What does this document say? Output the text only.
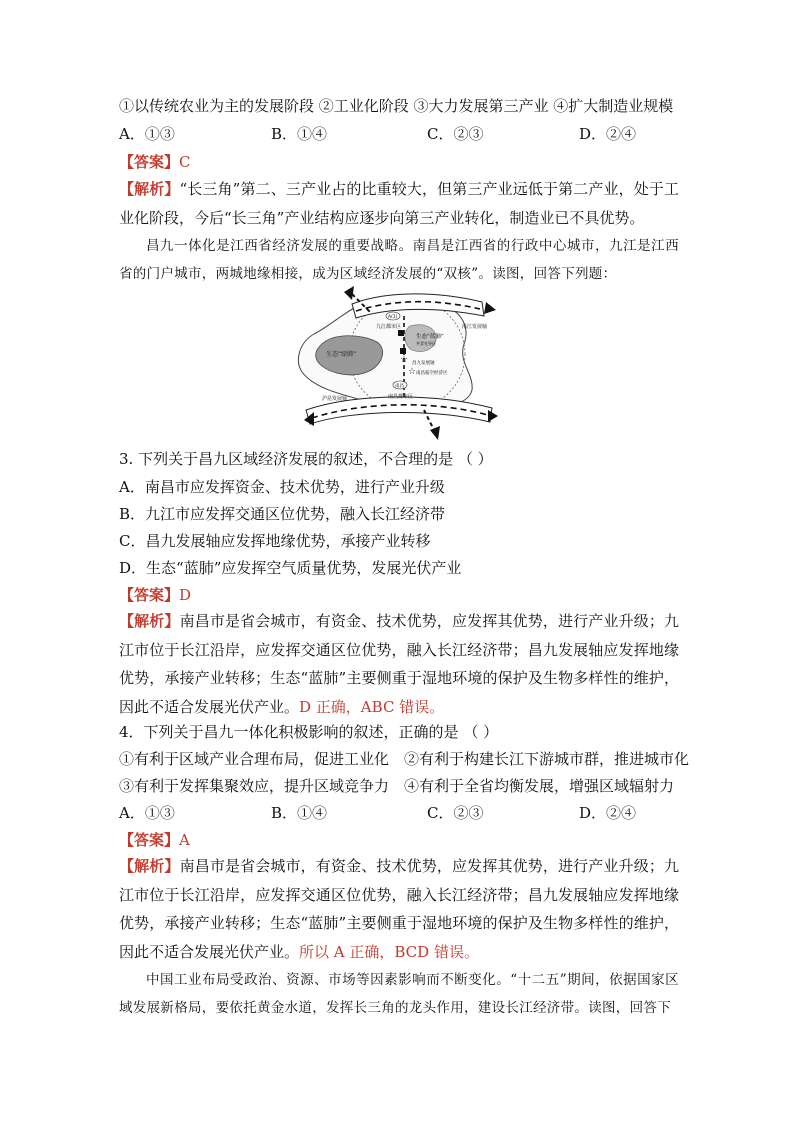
①以传统农业为主的发展阶段 ②工业化阶段 ③大力发展第三产业 ④扩大制造业规模
A．①③	B．①④	C．②③	D．②④
【答案】C
【解析】“长三角”第二、三产业占的比重较大，但第三产业远低于第二产业，处于工业化阶段，今后“长三角”产业结构应逐步向第三产业转化，制造业已不具优势。
昌九一体化是江西省经济发展的重要战略。南昌是江西省的行政中心城市，九江是江西省的门户城市，两城地缘相接，成为区域经济发展的“双核”。读图，回答下列题：
☆
☆
A(1)
沿江发展轴
九江都市区
生态“蓝肺”
共青先导区
生态“绿肺”
昌九发展轴
南昌临空经济区
南昌
沪昆发展轴	南昌都市区
3. 下列关于昌九区域经济发展的叙述，不合理的是 （ ）
A．南昌市应发挥资金、技术优势，进行产业升级
B．九江市应发挥交通区位优势，融入长江经济带
C．昌九发展轴应发挥地缘优势，承接产业转移
D．生态“蓝肺”应发挥空气质量优势，发展光伏产业
【答案】D
【解析】南昌市是省会城市，有资金、技术优势，应发挥其优势，进行产业升级；九江市位于长江沿岸，应发挥交通区位优势，融入长江经济带；昌九发展轴应发挥地缘优势，承接产业转移；生态“蓝肺”主要侧重于湿地环境的保护及生物多样性的维护，因此不适合发展光伏产业。D 正确，ABC 错误。
4．下列关于昌九一体化积极影响的叙述，正确的是 （ ）
①有利于区域产业合理布局，促进工业化　②有利于构建长江下游城市群，推进城市化
③有利于发挥集聚效应，提升区域竞争力　④有利于全省均衡发展，增强区域辐射力
A．①③	B．①④	C．②③	D．②④
【答案】A
【解析】南昌市是省会城市，有资金、技术优势，应发挥其优势，进行产业升级；九江市位于长江沿岸，应发挥交通区位优势，融入长江经济带；昌九发展轴应发挥地缘优势，承接产业转移；生态“蓝肺”主要侧重于湿地环境的保护及生物多样性的维护，因此不适合发展光伏产业。所以 A 正确，BCD 错误。
中国工业布局受政治、资源、市场等因素影响而不断变化。“十二五”期间，依据国家区域发展新格局，要依托黄金水道，发挥长三角的龙头作用，建设长江经济带。读图，回答下
